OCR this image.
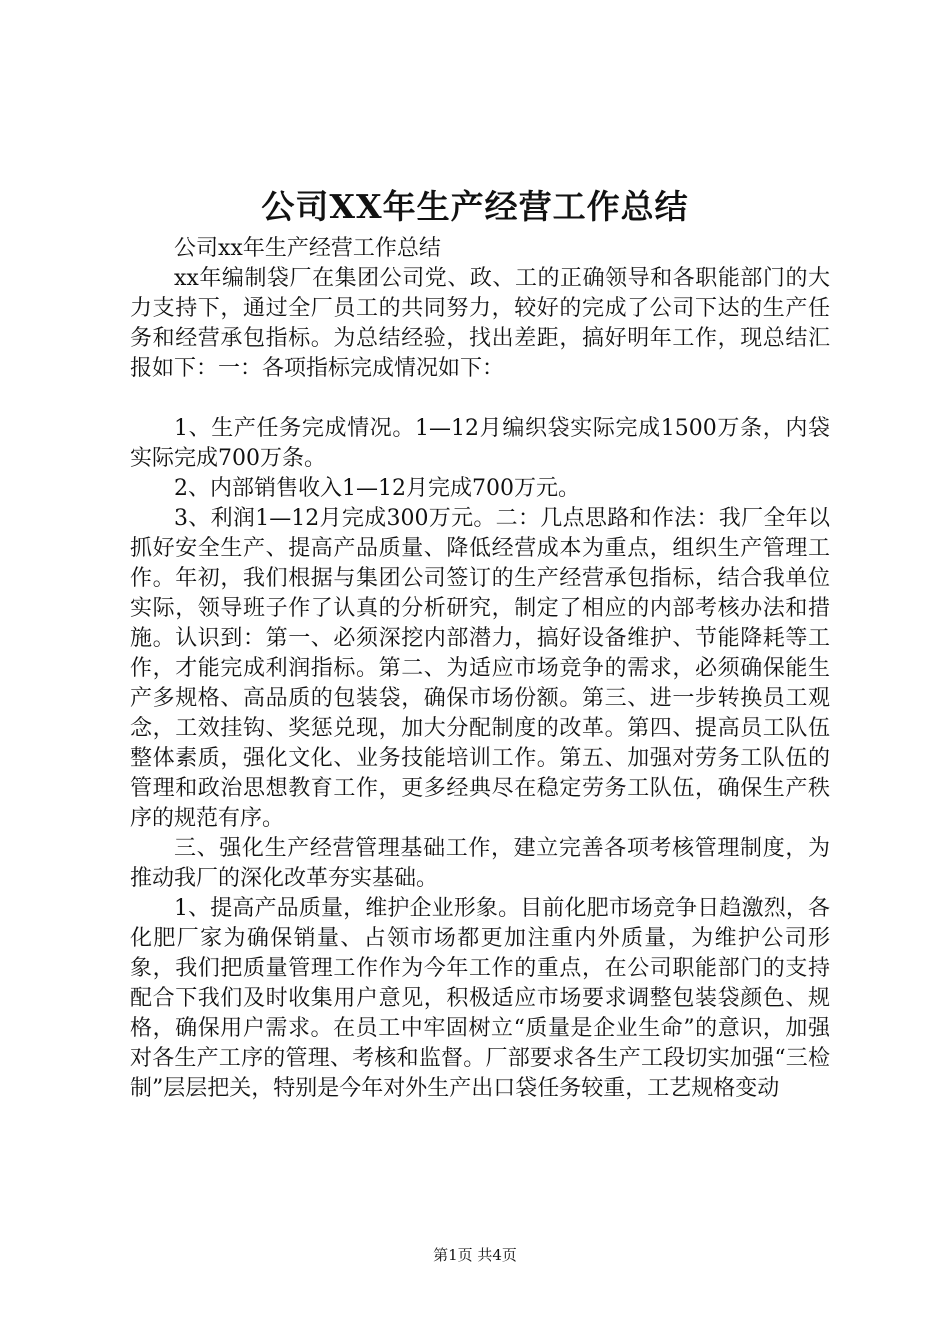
公司XX年生产经营工作总结

公司xx年生产经营工作总结

xx年编制袋厂在集团公司党、政、工的正确领导和各职能部门的大力支持下，通过全厂员工的共同努力，较好的完成了公司下达的生产任务和经营承包指标。为总结经验，找出差距，搞好明年工作，现总结汇报如下：一：各项指标完成情况如下：

1、生产任务完成情况。1—12月编织袋实际完成1500万条，内袋实际完成700万条。

2、内部销售收入1—12月完成700万元。

3、利润1—12月完成300万元。二：几点思路和作法：我厂全年以抓好安全生产、提高产品质量、降低经营成本为重点，组织生产管理工作。年初，我们根据与集团公司签订的生产经营承包指标，结合我单位实际，领导班子作了认真的分析研究，制定了相应的内部考核办法和措施。认识到：第一、必须深挖内部潜力，搞好设备维护、节能降耗等工作，才能完成利润指标。第二、为适应市场竞争的需求，必须确保能生产多规格、高品质的包装袋，确保市场份额。第三、进一步转换员工观念，工效挂钩、奖惩兑现，加大分配制度的改革。第四、提高员工队伍整体素质，强化文化、业务技能培训工作。第五、加强对劳务工队伍的管理和政治思想教育工作，更多经典尽在稳定劳务工队伍，确保生产秩序的规范有序。

三、强化生产经营管理基础工作，建立完善各项考核管理制度，为推动我厂的深化改革夯实基础。

1、提高产品质量，维护企业形象。目前化肥市场竞争日趋激烈，各化肥厂家为确保销量、占领市场都更加注重内外质量，为维护公司形象，我们把质量管理工作作为今年工作的重点，在公司职能部门的支持配合下我们及时收集用户意见，积极适应市场要求调整包装袋颜色、规格，确保用户需求。在员工中牢固树立“质量是企业生命”的意识，加强对各生产工序的管理、考核和监督。厂部要求各生产工段切实加强“三检制”层层把关，特别是今年对外生产出口袋任务较重，工艺规格变动

第1页 共4页
